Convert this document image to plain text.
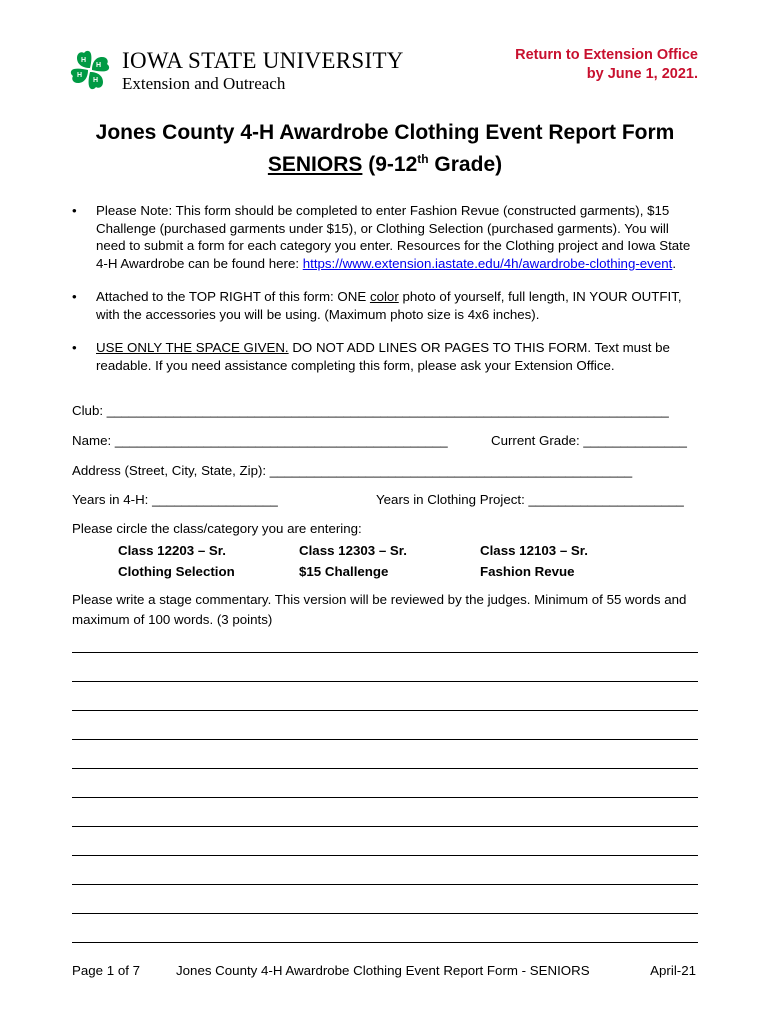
H
H
H
H
IOWA STATE UNIVERSITY
Extension and Outreach
Return to Extension Office
by June 1, 2021.
Jones County 4-H Awardrobe Clothing Event Report Form
SENIORS (9-12th Grade)
• Please Note: This form should be completed to enter Fashion Revue (constructed garments), $15 Challenge (purchased garments under $15), or Clothing Selection (purchased garments). You will need to submit a form for each category you enter. Resources for the Clothing project and Iowa State 4-H Awardrobe can be found here: https://www.extension.iastate.edu/4h/awardrobe-clothing-event.
• Attached to the TOP RIGHT of this form: ONE color photo of yourself, full length, IN YOUR OUTFIT, with the accessories you will be using. (Maximum photo size is 4x6 inches).
• USE ONLY THE SPACE GIVEN. DO NOT ADD LINES OR PAGES TO THIS FORM. Text must be readable. If you need assistance completing this form, please ask your Extension Office.
Club: ____________________________________________________________________________
Name: _____________________________________________	Current Grade: ______________
Address (Street, City, State, Zip): _________________________________________________
Years in 4-H: _________________	Years in Clothing Project: _____________________
Please circle the class/category you are entering:
Class 12203 – Sr.
Clothing Selection
Class 12303 – Sr.
$15 Challenge
Class 12103 – Sr.
Fashion Revue
Please write a stage commentary. This version will be reviewed by the judges. Minimum of 55 words and maximum of 100 words. (3 points)
Page 1 of 7	Jones County 4-H Awardrobe Clothing Event Report Form - SENIORS	April-21
